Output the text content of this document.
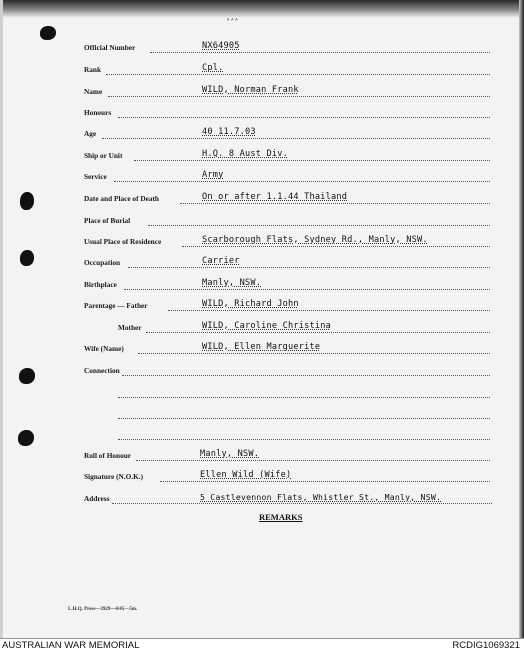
ᴬᴬᴬ
Official Number	NX64905
Rank	Cpl.
Name	WILD, Norman Frank
Honours
Age	40 11.7.03
Ship or Unit	H.Q. 8 Aust Div.
Service	Army
Date and Place of Death	On or after 1.1.44 Thailand
Place of Burial
Usual Place of Residence	Scarborough Flats, Sydney Rd., Manly, NSW.
Occupation	Carrier
Birthplace	Manly, NSW.
Parentage — Father	WILD, Richard John
Mother	WILD, Caroline Christina
Wife (Name)	WILD, Ellen Marguerite
Connection
Roll of Honour	Manly, NSW.
Signature (N.O.K.)	Ellen Wild (Wife)
Address	5 Castlevennon Flats, Whistler St., Manly, NSW.
REMARKS
L.H.Q. Press—3929—4/45—5m.
AUSTRALIAN WAR MEMORIAL	RCDIG1069321
